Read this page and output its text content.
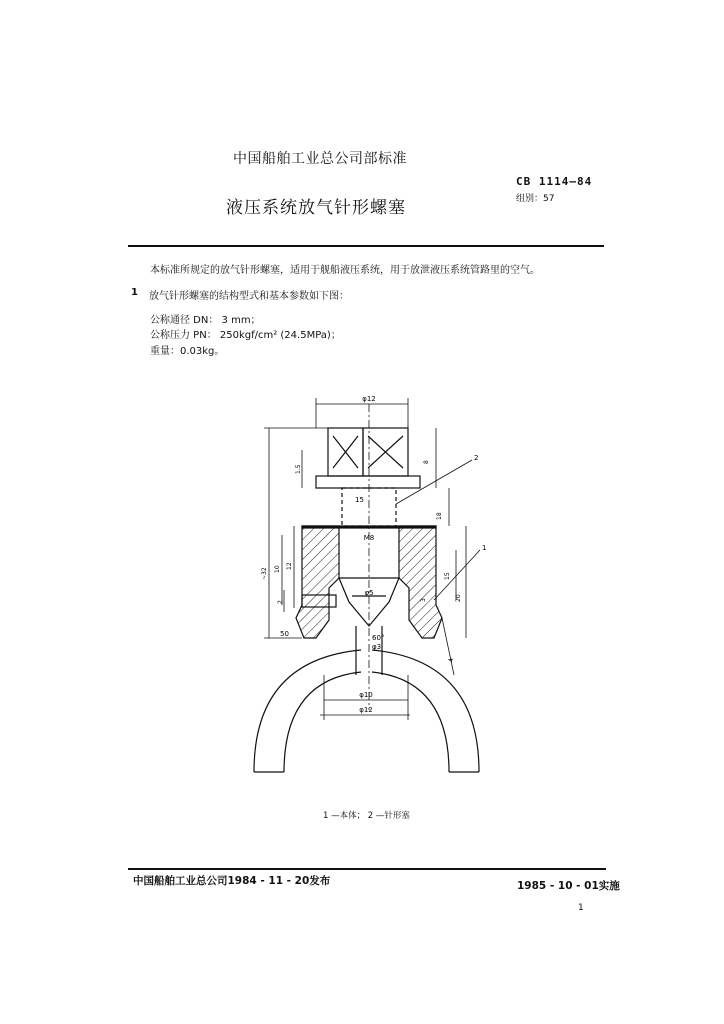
中国船舶工业总公司部标准
CB 1114—84
组别：57
液压系统放气针形螺塞
本标准所规定的放气针形螺塞，适用于舰船液压系统，用于放泄液压系统管路里的空气。
1 放气针形螺塞的结构型式和基本参数如下图：
公称通径 DN： 3 mm；
公称压力 PN： 250kgf/cm² (24.5MPa)；
重量：0.03kg。
φ12
15
M8
φ5
60°
φ3
φ10
φ12
50
1.5
8
18
15
20
~32
12
10
2
3
4
2
1
1 —本体； 2 —针形塞
中国船舶工业总公司1984 - 11 - 20发布	1985 - 10 - 01实施
1
